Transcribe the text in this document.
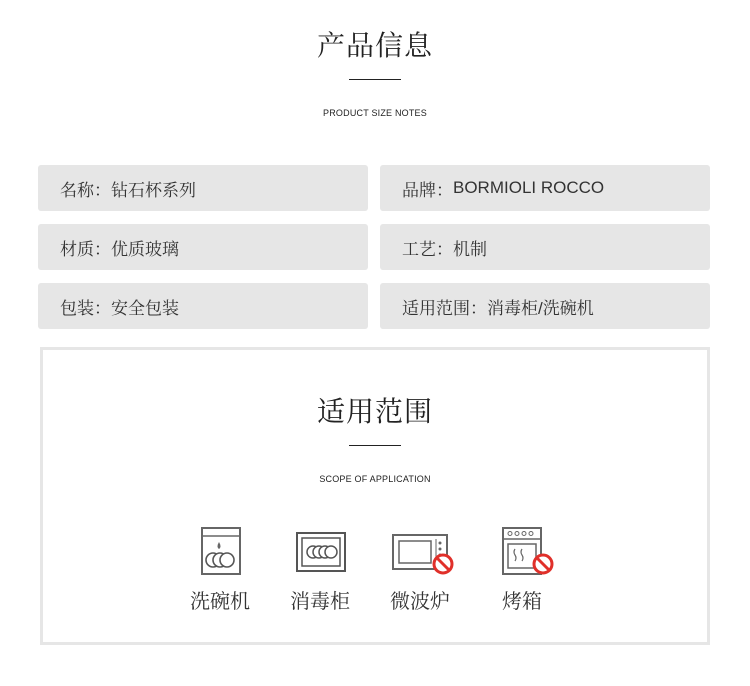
产品信息
PRODUCT SIZE NOTES
名称： 钻石杯系列	品牌： BORMIOLI ROCCO
材质： 优质玻璃	工艺： 机制
包装： 安全包装	适用范围： 消毒柜/洗碗机
适用范围
SCOPE OF APPLICATION
洗碗机	消毒柜	微波炉	烤箱
